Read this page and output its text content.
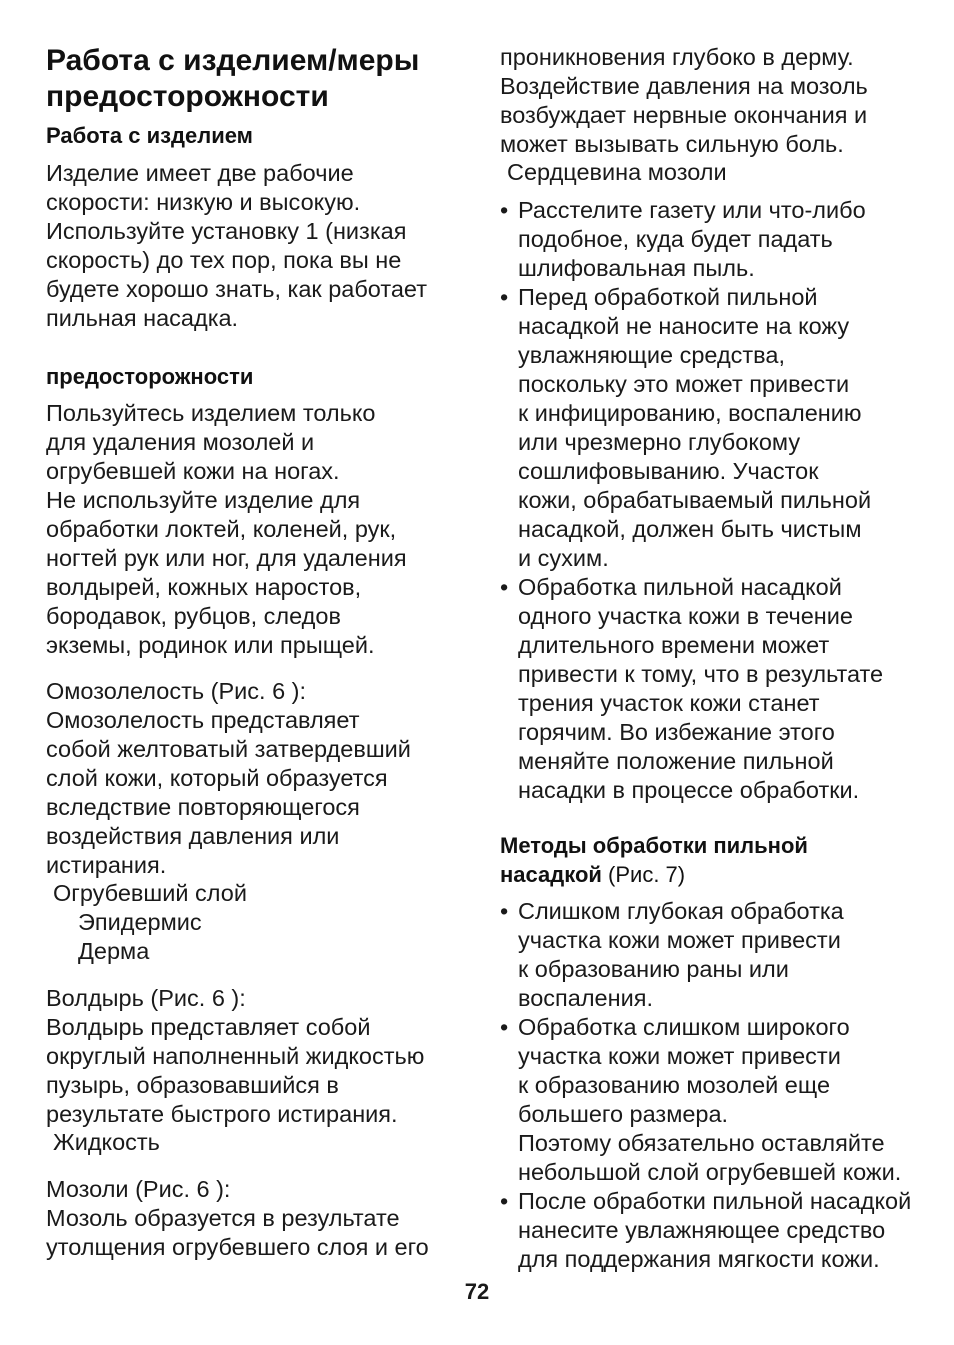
Работа с изделием/меры
предосторожности
Работа с изделием

Изделие имеет две рабочие
скорости: низкую и высокую.
Используйте установку 1 (низкая
скорость) до тех пор, пока вы не
будете хорошо знать, как работает
пильная насадка.

предосторожности

Пользуйтесь изделием только
для удаления мозолей и
огрубевшей кожи на ногах.
Не используйте изделие для
обработки локтей, коленей, рук,
ногтей рук или ног, для удаления
волдырей, кожных наростов,
бородавок, рубцов, следов
экземы, родинок или прыщей.

Омозолелость (Рис. 6 ):
Омозолелость представляет
собой желтоватый затвердевший
слой кожи, который образуется
вследствие повторяющегося
воздействия давления или
истирания.

Огрубевший слой
Эпидермис
Дерма

Волдырь (Рис. 6 ):
Волдырь представляет собой
округлый наполненный жидкостью
пузырь, образовавшийся в
результате быстрого истирания.

Жидкость

Мозоли (Рис. 6 ):
Мозоль образуется в результате
утолщения огрубевшего слоя и его

проникновения глубоко в дерму.
Воздействие давления на мозоль
возбуждает нервные окончания и
может вызывать сильную боль.

Сердцевина мозоли
• Расстелите газету или что-либо
подобное, куда будет падать
шлифовальная пыль.
• Перед обработкой пильной
насадкой не наносите на кожу
увлажняющие средства,
поскольку это может привести
к инфицированию, воспалению
или чрезмерно глубокому
сошлифовыванию. Участок
кожи, обрабатываемый пильной
насадкой, должен быть чистым
и сухим.
• Обработка пильной насадкой
одного участка кожи в течение
длительного времени может
привести к тому, что в результате
трения участок кожи станет
горячим. Во избежание этого
меняйте положение пильной
насадки в процессе обработки.
Методы обработки пильной
насадкой (Рис. 7)
• Слишком глубокая обработка
участка кожи может привести
к образованию раны или
воспаления.
• Обработка слишком широкого
участка кожи может привести
к образованию мозолей еще
большего размера.
Поэтому обязательно оставляйте
небольшой слой огрубевшей кожи.
• После обработки пильной насадкой
нанесите увлажняющее средство
для поддержания мягкости кожи.
72
